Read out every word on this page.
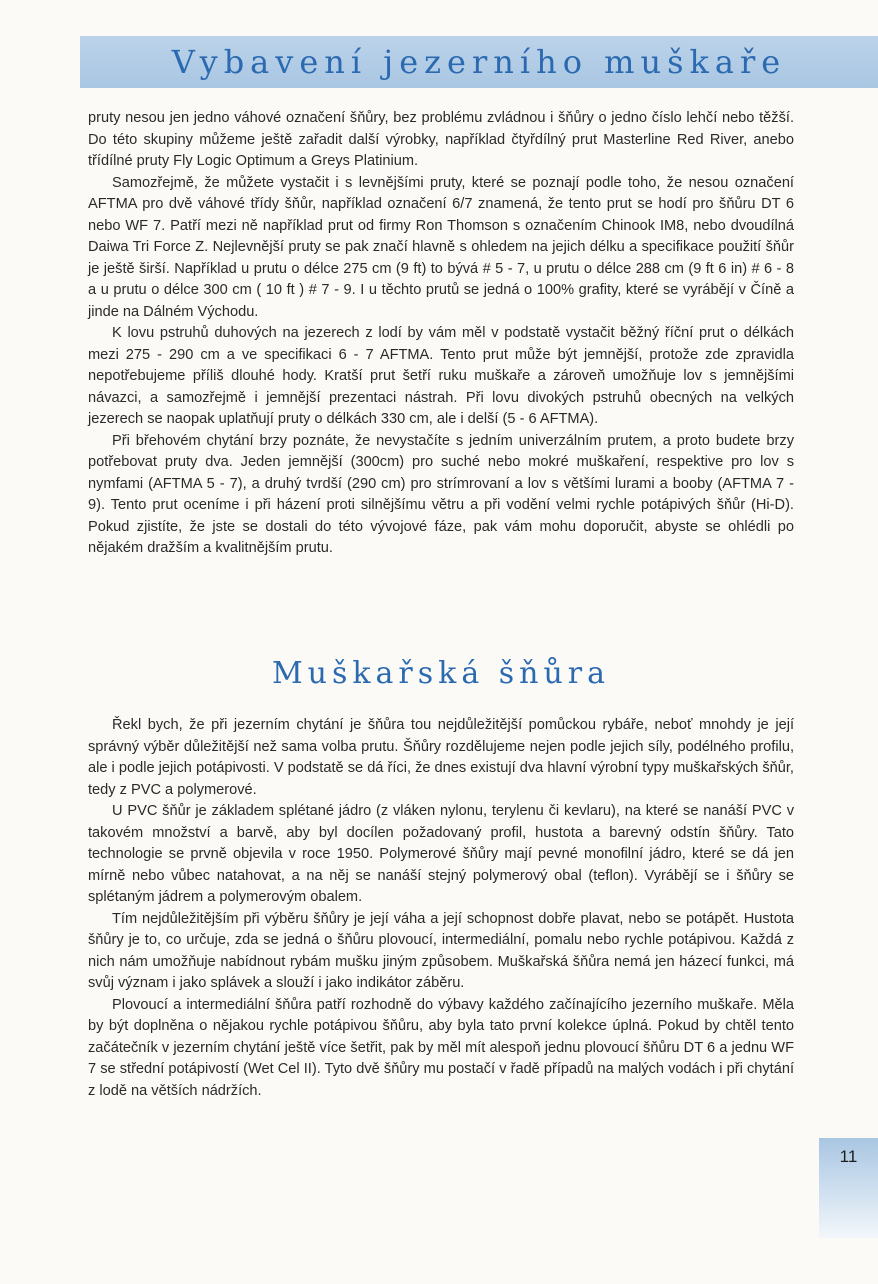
Vybavení jezerního muškaře

pruty nesou jen jedno váhové označení šňůry, bez problému zvládnou i šňůry o jedno číslo lehčí nebo těžší. Do této skupiny můžeme ještě zařadit další výrobky, například čtyřdílný prut Masterline Red River, anebo třídílné pruty Fly Logic Optimum a Greys Platinium.

Samozřejmě, že můžete vystačit i s levnějšími pruty, které se poznají podle toho, že nesou označení AFTMA pro dvě váhové třídy šňůr, například označení 6/7 znamená, že tento prut se hodí pro šňůru DT 6 nebo WF 7. Patří mezi ně například prut od firmy Ron Thomson s označením Chinook IM8, nebo dvoudílná Daiwa Tri Force Z. Nejlevnější pruty se pak značí hlavně s ohledem na jejich délku a specifikace použití šňůr je ještě širší. Například u prutu o délce 275 cm (9 ft) to bývá # 5 - 7, u prutu o délce 288 cm (9 ft 6 in) # 6 - 8 a u prutu o délce 300 cm ( 10 ft ) # 7 - 9. I u těchto prutů se jedná o 100% grafity, které se vyrábějí v Číně a jinde na Dálném Východu.

K lovu pstruhů duhových na jezerech z lodí by vám měl v podstatě vystačit běžný říční prut o délkách mezi 275 - 290 cm a ve specifikaci 6 - 7 AFTMA. Tento prut může být jemnější, protože zde zpravidla nepotřebujeme příliš dlouhé hody. Kratší prut šetří ruku muškaře a zároveň umožňuje lov s jemnějšími návazci, a samozřejmě i jemnější prezentaci nástrah. Při lovu divokých pstruhů obecných na velkých jezerech se naopak uplatňují pruty o délkách 330 cm, ale i delší (5 - 6 AFTMA).

Při břehovém chytání brzy poznáte, že nevystačíte s jedním univerzálním prutem, a proto budete brzy potřebovat pruty dva. Jeden jemnější (300cm) pro suché nebo mokré muškaření, respektive pro lov s nymfami (AFTMA 5 - 7), a druhý tvrdší (290 cm) pro strímrovaní a lov s většími lurami a booby (AFTMA 7 - 9). Tento prut oceníme i při házení proti silnějšímu větru a při vodění velmi rychle potápivých šňůr (Hi-D). Pokud zjistíte, že jste se dostali do této vývojové fáze, pak vám mohu doporučit, abyste se ohlédli po nějakém dražším a kvalitnějším prutu.

Muškařská šňůra

Řekl bych, že při jezerním chytání je šňůra tou nejdůležitější pomůckou rybáře, neboť mnohdy je její správný výběr důležitější než sama volba prutu. Šňůry rozdělujeme nejen podle jejich síly, podélného profilu, ale i podle jejich potápivosti. V podstatě se dá říci, že dnes existují dva hlavní výrobní typy muškařských šňůr, tedy z PVC a polymerové.

U PVC šňůr je základem splétané jádro (z vláken nylonu, terylenu či kevlaru), na které se nanáší PVC v takovém množství a barvě, aby byl docílen požadovaný profil, hustota a barevný odstín šňůry. Tato technologie se prvně objevila v roce 1950. Polymerové šňůry mají pevné monofilní jádro, které se dá jen mírně nebo vůbec natahovat, a na něj se nanáší stejný polymerový obal (teflon). Vyrábějí se i šňůry se splétaným jádrem a polymerovým obalem.

Tím nejdůležitějším při výběru šňůry je její váha a její schopnost dobře plavat, nebo se potápět. Hustota šňůry je to, co určuje, zda se jedná o šňůru plovoucí, intermediální, pomalu nebo rychle potápivou. Každá z nich nám umožňuje nabídnout rybám mušku jiným způsobem. Muškařská šňůra nemá jen házecí funkci, má svůj význam i jako splávek a slouží i jako indikátor záběru.

Plovoucí a intermediální šňůra patří rozhodně do výbavy každého začínajícího jezerního muškaře. Měla by být doplněna o nějakou rychle potápivou šňůru, aby byla tato první kolekce úplná. Pokud by chtěl tento začátečník v jezerním chytání ještě více šetřit, pak by měl mít alespoň jednu plovoucí šňůru DT 6 a jednu WF 7 se střední potápivostí (Wet Cel II). Tyto dvě šňůry mu postačí v řadě případů na malých vodách i při chytání z lodě na větších nádržích.

11
